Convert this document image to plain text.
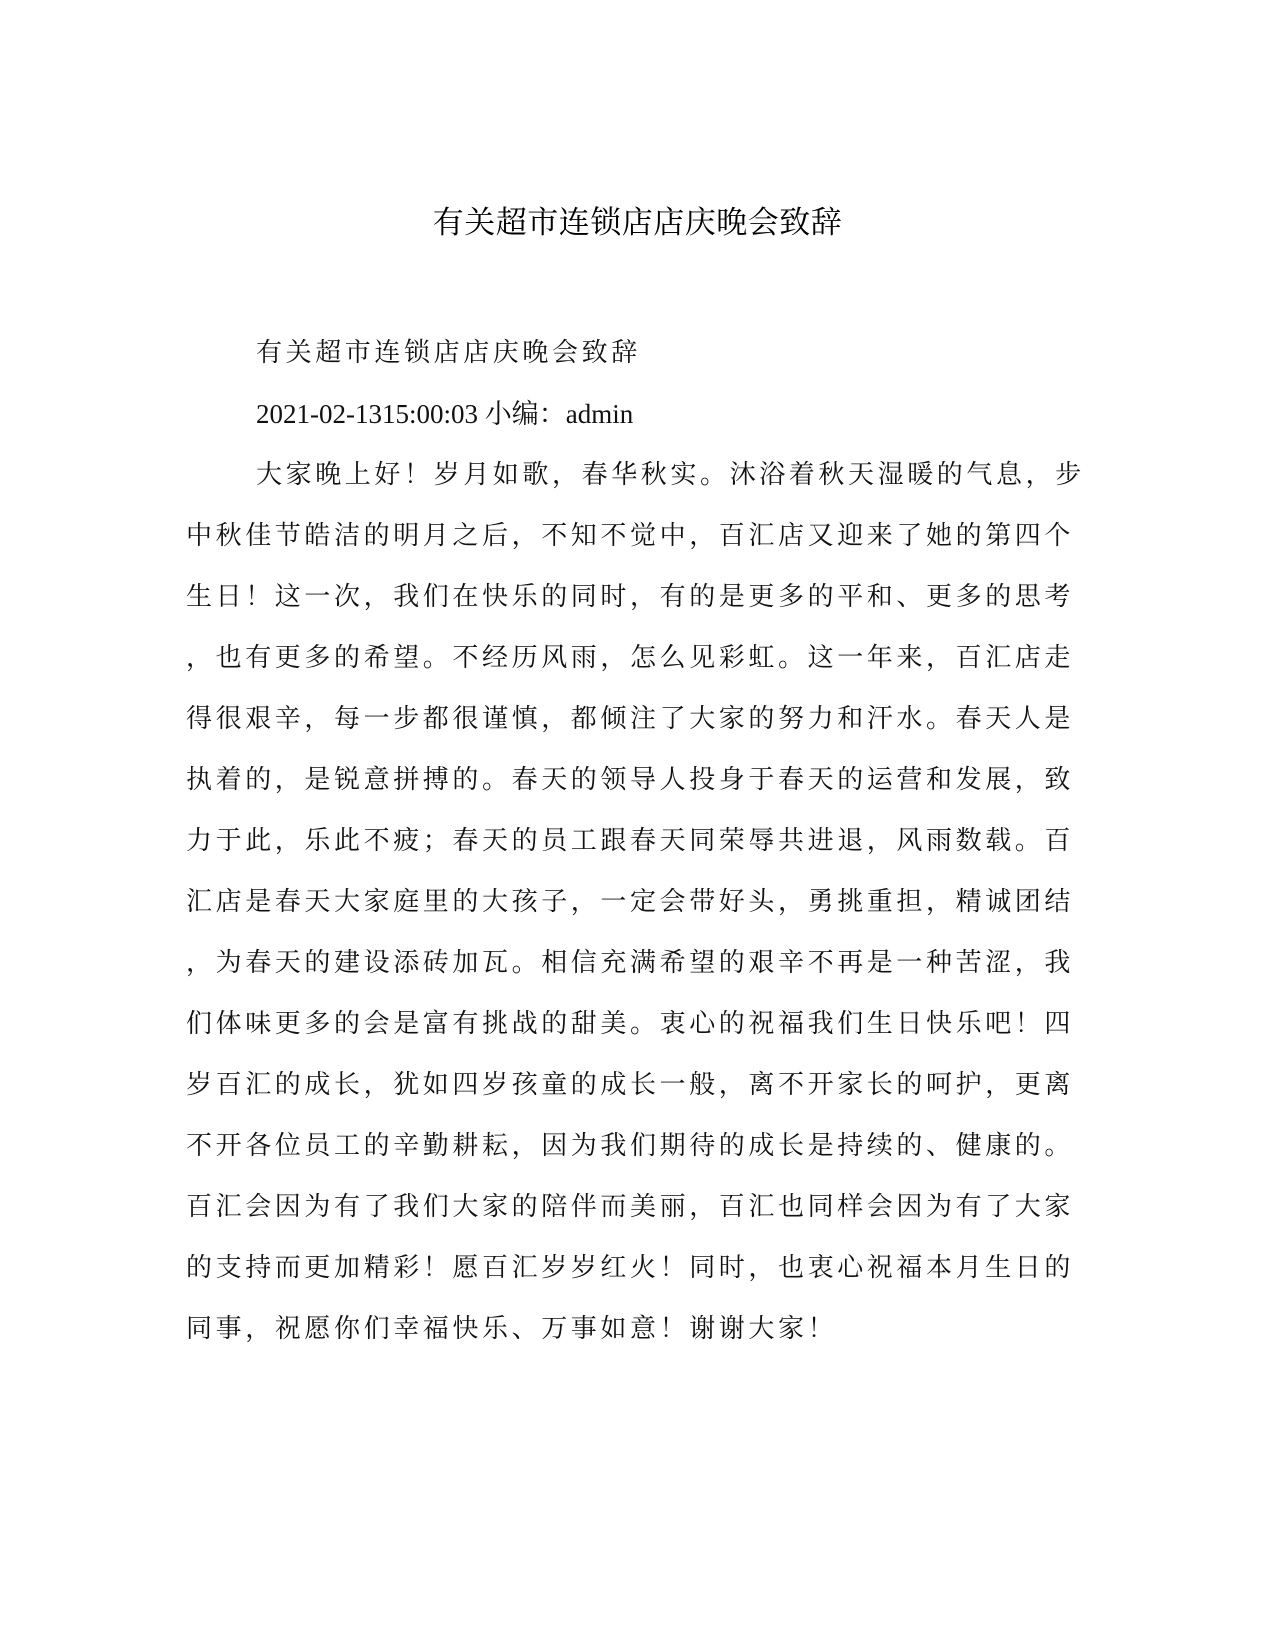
有关超市连锁店店庆晚会致辞
有关超市连锁店店庆晚会致辞
2021-02-1315:00:03 小编：admin
大家晚上好！岁月如歌，春华秋实。沐浴着秋天湿暖的气息，步
中秋佳节皓洁的明月之后，不知不觉中，百汇店又迎来了她的第四个
生日！这一次，我们在快乐的同时，有的是更多的平和、更多的思考
，也有更多的希望。不经历风雨，怎么见彩虹。这一年来，百汇店走
得很艰辛，每一步都很谨慎，都倾注了大家的努力和汗水。春天人是
执着的，是锐意拼搏的。春天的领导人投身于春天的运营和发展，致
力于此，乐此不疲；春天的员工跟春天同荣辱共进退，风雨数载。百
汇店是春天大家庭里的大孩子，一定会带好头，勇挑重担，精诚团结
，为春天的建设添砖加瓦。相信充满希望的艰辛不再是一种苦涩，我
们体味更多的会是富有挑战的甜美。衷心的祝福我们生日快乐吧！四
岁百汇的成长，犹如四岁孩童的成长一般，离不开家长的呵护，更离
不开各位员工的辛勤耕耘，因为我们期待的成长是持续的、健康的。
百汇会因为有了我们大家的陪伴而美丽，百汇也同样会因为有了大家
的支持而更加精彩！愿百汇岁岁红火！同时，也衷心祝福本月生日的
同事，祝愿你们幸福快乐、万事如意！谢谢大家！
